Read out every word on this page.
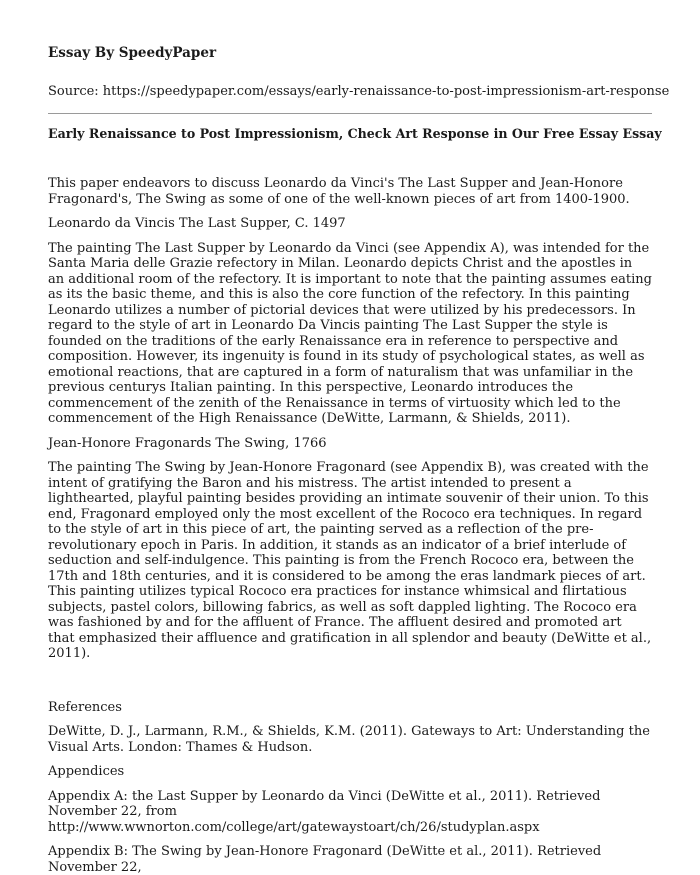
Essay By SpeedyPaper
Source: https://speedypaper.com/essays/early-renaissance-to-post-impressionism-art-response
Early Renaissance to Post Impressionism, Check Art Response in Our Free Essay Essay

This paper endeavors to discuss Leonardo da Vinci's The Last Supper and Jean-Honore Fragonard's, The Swing as some of one of the well-known pieces of art from 1400-1900.

Leonardo da Vincis The Last Supper, C. 1497

The painting The Last Supper by Leonardo da Vinci (see Appendix A), was intended for the Santa Maria delle Grazie refectory in Milan. Leonardo depicts Christ and the apostles in an additional room of the refectory. It is important to note that the painting assumes eating as its the basic theme, and this is also the core function of the refectory. In this painting Leonardo utilizes a number of pictorial devices that were utilized by his predecessors. In regard to the style of art in Leonardo Da Vincis painting The Last Supper the style is founded on the traditions of the early Renaissance era in reference to perspective and composition. However, its ingenuity is found in its study of psychological states, as well as emotional reactions, that are captured in a form of naturalism that was unfamiliar in the previous centurys Italian painting. In this perspective, Leonardo introduces the commencement of the zenith of the Renaissance in terms of virtuosity which led to the commencement of the High Renaissance (DeWitte, Larmann, & Shields, 2011).

Jean-Honore Fragonards The Swing, 1766

The painting The Swing by Jean-Honore Fragonard (see Appendix B), was created with the intent of gratifying the Baron and his mistress. The artist intended to present a lighthearted, playful painting besides providing an intimate souvenir of their union. To this end, Fragonard employed only the most excellent of the Rococo era techniques. In regard to the style of art in this piece of art, the painting served as a reflection of the pre-revolutionary epoch in Paris. In addition, it stands as an indicator of a brief interlude of seduction and self-indulgence. This painting is from the French Rococo era, between the 17th and 18th centuries, and it is considered to be among the eras landmark pieces of art. This painting utilizes typical Rococo era practices for instance whimsical and flirtatious subjects, pastel colors, billowing fabrics, as well as soft dappled lighting. The Rococo era was fashioned by and for the affluent of France. The affluent desired and promoted art that emphasized their affluence and gratification in all splendor and beauty (DeWitte et al., 2011).

References

DeWitte, D. J., Larmann, R.M., & Shields, K.M. (2011). Gateways to Art: Understanding the Visual Arts. London: Thames & Hudson.

Appendices

Appendix A: the Last Supper by Leonardo da Vinci (DeWitte et al., 2011). Retrieved November 22, from http://www.wwnorton.com/college/art/gatewaystoart/ch/26/studyplan.aspx

Appendix B: The Swing by Jean-Honore Fragonard (DeWitte et al., 2011). Retrieved November 22,
